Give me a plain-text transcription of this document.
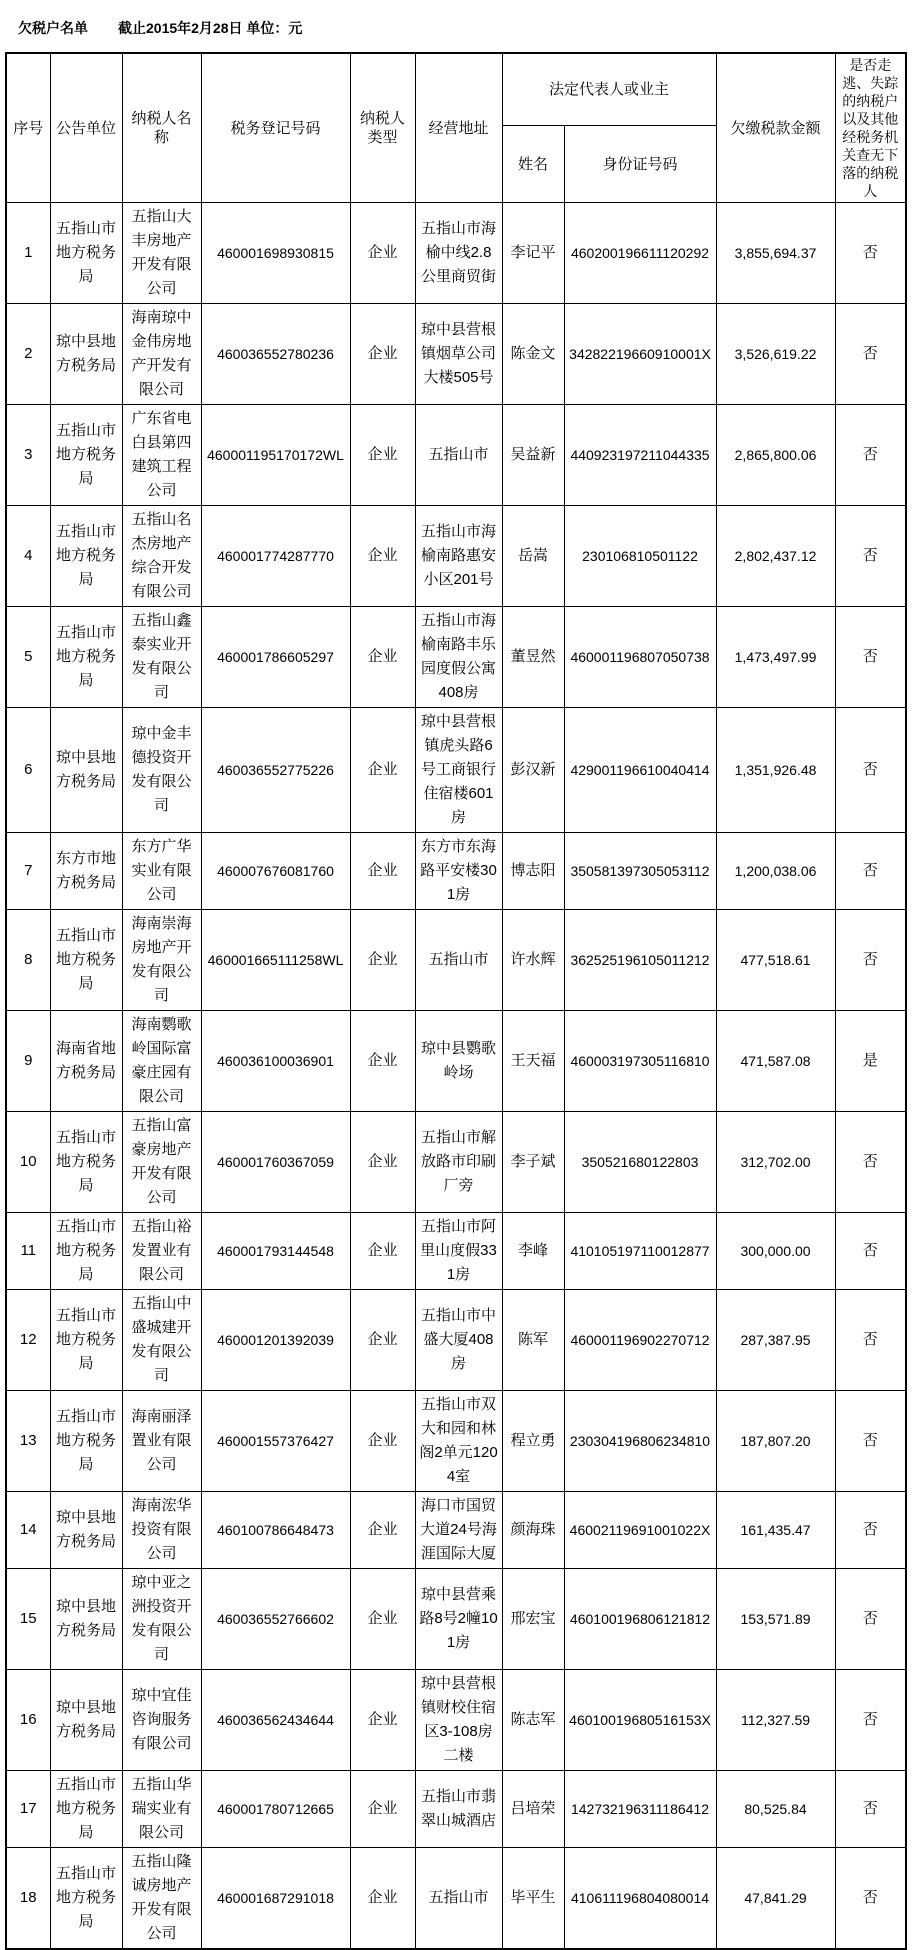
欠税户名单 截止2015年2月28日 单位：元
序号	公告单位	纳税人名称	税务登记号码	纳税人类型	经营地址	法定代表人或业主		欠缴税款金额	是否走逃、失踪的纳税户以及其他经税务机关查无下落的纳税人
						姓名	身份证号码		
1	五指山市地方税务局	五指山大丰房地产开发有限公司	460001698930815	企业	五指山市海榆中线2.8公里商贸街	李记平	460200196611120292	3,855,694.37	否
2	琼中县地方税务局	海南琼中金伟房地产开发有限公司	460036552780236	企业	琼中县营根镇烟草公司大楼505号	陈金文	34282219660910001X	3,526,619.22	否
3	五指山市地方税务局	广东省电白县第四建筑工程公司	460001195170172WL	企业	五指山市	吴益新	440923197211044335	2,865,800.06	否
4	五指山市地方税务局	五指山名杰房地产综合开发有限公司	460001774287770	企业	五指山市海榆南路惠安小区201号	岳嵩	230106810501122	2,802,437.12	否
5	五指山市地方税务局	五指山鑫泰实业开发有限公司	460001786605297	企业	五指山市海榆南路丰乐园度假公寓408房	董昱然	460001196807050738	1,473,497.99	否
6	琼中县地方税务局	琼中金丰德投资开发有限公司	460036552775226	企业	琼中县营根镇虎头路6号工商银行住宿楼601房	彭汉新	429001196610040414	1,351,926.48	否
7	东方市地方税务局	东方广华实业有限公司	460007676081760	企业	东方市东海路平安楼301房	博志阳	350581397305053112	1,200,038.06	否
8	五指山市地方税务局	海南崇海房地产开发有限公司	460001665111258WL	企业	五指山市	许水辉	362525196105011212	477,518.61	否
9	海南省地方税务局	海南鹦歌岭国际富豪庄园有限公司	460036100036901	企业	琼中县鹦歌岭场	王天福	460003197305116810	471,587.08	是
10	五指山市地方税务局	五指山富豪房地产开发有限公司	460001760367059	企业	五指山市解放路市印刷厂旁	李子斌	350521680122803	312,702.00	否
11	五指山市地方税务局	五指山裕发置业有限公司	460001793144548	企业	五指山市阿里山度假331房	李峰	410105197110012877	300,000.00	否
12	五指山市地方税务局	五指山中盛城建开发有限公司	460001201392039	企业	五指山市中盛大厦408房	陈军	460001196902270712	287,387.95	否
13	五指山市地方税务局	海南丽泽置业有限公司	460001557376427	企业	五指山市双大和园和林阁2单元1204室	程立勇	230304196806234810	187,807.20	否
14	琼中县地方税务局	海南浤华投资有限公司	460100786648473	企业	海口市国贸大道24号海涯国际大厦	颜海珠	46002119691001022X	161,435.47	否
15	琼中县地方税务局	琼中亚之洲投资开发有限公司	460036552766602	企业	琼中县营乘路8号2幢101房	邢宏宝	460100196806121812	153,571.89	否
16	琼中县地方税务局	琼中宜佳咨询服务有限公司	460036562434644	企业	琼中县营根镇财校住宿区3-108房二楼	陈志军	46010019680516153X	112,327.59	否
17	五指山市地方税务局	五指山华瑞实业有限公司	460001780712665	企业	五指山市翡翠山城酒店	吕培荣	142732196311186412	80,525.84	否
18	五指山市地方税务局	五指山隆诚房地产开发有限公司	460001687291018	企业	五指山市	毕平生	410611196804080014	47,841.29	否
